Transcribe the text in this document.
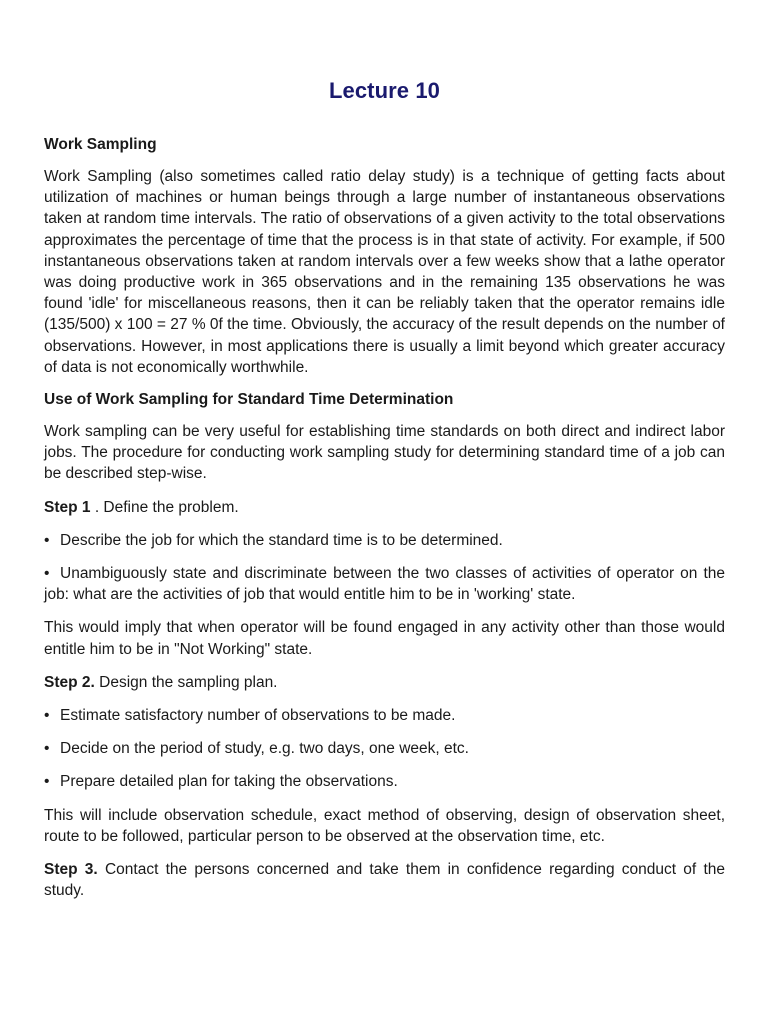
Lecture 10
Work Sampling

Work Sampling (also sometimes called ratio delay study) is a technique of getting facts about utilization of machines or human beings through a large number of instantaneous observations taken at random time intervals. The ratio of observations of a given activity to the total observations approximates the percentage of time that the process is in that state of activity. For example, if 500 instantaneous observations taken at random intervals over a few weeks show that a lathe operator was doing productive work in 365 observations and in the remaining 135 observations he was found 'idle' for miscellaneous reasons, then it can be reliably taken that the operator remains idle (135/500) x 100 = 27 % 0f the time. Obviously, the accuracy of the result depends on the number of observations. However, in most applications there is usually a limit beyond which greater accuracy of data is not economically worthwhile.

Use of Work Sampling for Standard Time Determination

Work sampling can be very useful for establishing time standards on both direct and indirect labor jobs. The procedure for conducting work sampling study for determining standard time of a job can be described step-wise.

Step 1 . Define the problem.

• Describe the job for which the standard time is to be determined.

• Unambiguously state and discriminate between the two classes of activities of operator on the job: what are the activities of job that would entitle him to be in 'working' state.

This would imply that when operator will be found engaged in any activity other than those would entitle him to be in "Not Working" state.

Step 2. Design the sampling plan.

• Estimate satisfactory number of observations to be made.

• Decide on the period of study, e.g. two days, one week, etc.

• Prepare detailed plan for taking the observations.

This will include observation schedule, exact method of observing, design of observation sheet, route to be followed, particular person to be observed at the observation time, etc.

Step 3. Contact the persons concerned and take them in confidence regarding conduct of the study.
